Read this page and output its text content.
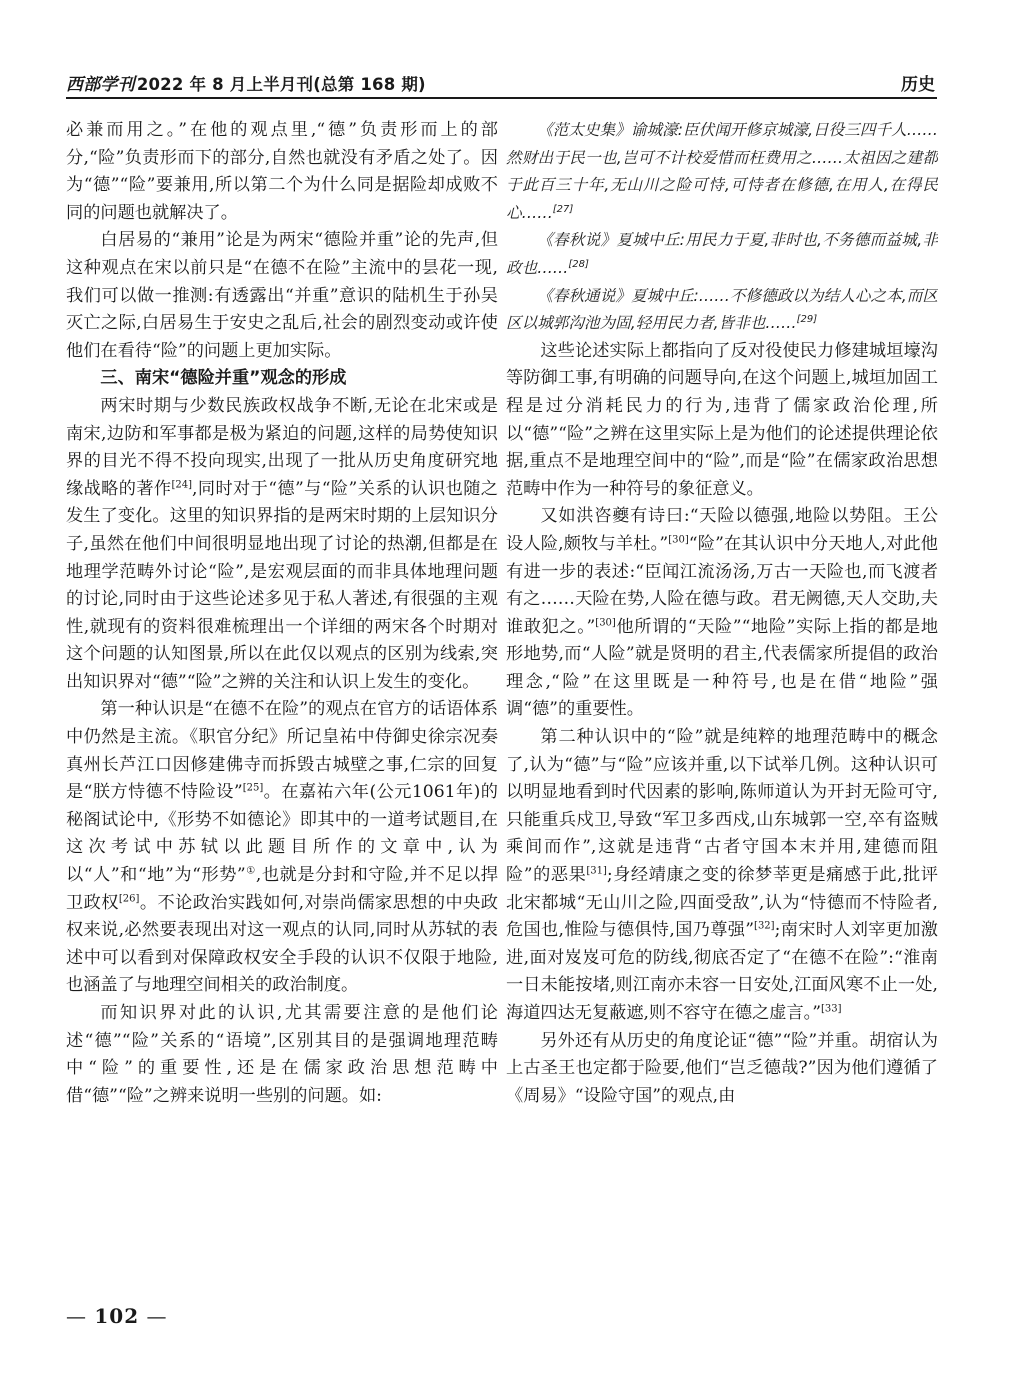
西部学刊 2022 年 8 月上半月刊(总第 168 期)	历史

必兼而用之。”在他的观点里,“德”负责形而上的部分,“险”负责形而下的部分,自然也就没有矛盾之处了。因为“德”“险”要兼用,所以第二个为什么同是据险却成败不同的问题也就解决了。

白居易的“兼用”论是为两宋“德险并重”论的先声,但这种观点在宋以前只是“在德不在险”主流中的昙花一现,我们可以做一推测:有透露出“并重”意识的陆机生于孙吴灭亡之际,白居易生于安史之乱后,社会的剧烈变动或许使他们在看待“险”的问题上更加实际。

三、南宋“德险并重”观念的形成

两宋时期与少数民族政权战争不断,无论在北宋或是南宋,边防和军事都是极为紧迫的问题,这样的局势使知识界的目光不得不投向现实,出现了一批从历史角度研究地缘战略的著作[24],同时对于“德”与“险”关系的认识也随之发生了变化。这里的知识界指的是两宋时期的上层知识分子,虽然在他们中间很明显地出现了讨论的热潮,但都是在地理学范畴外讨论“险”,是宏观层面的而非具体地理问题的讨论,同时由于这些论述多见于私人著述,有很强的主观性,就现有的资料很难梳理出一个详细的两宋各个时期对这个问题的认知图景,所以在此仅以观点的区别为线索,突出知识界对“德”“险”之辨的关注和认识上发生的变化。

第一种认识是“在德不在险”的观点在官方的话语体系中仍然是主流。《职官分纪》所记皇祐中侍御史徐宗况奏真州长芦江口因修建佛寺而拆毁古城壁之事,仁宗的回复是“朕方恃德不恃险设”[25]。在嘉祐六年(公元1061年)的秘阁试论中,《形势不如德论》即其中的一道考试题目,在这次考试中苏轼以此题目所作的文章中,认为以“人”和“地”为“形势”①,也就是分封和守险,并不足以捍卫政权[26]。不论政治实践如何,对崇尚儒家思想的中央政权来说,必然要表现出对这一观点的认同,同时从苏轼的表述中可以看到对保障政权安全手段的认识不仅限于地险,也涵盖了与地理空间相关的政治制度。

而知识界对此的认识,尤其需要注意的是他们论述“德”“险”关系的“语境”,区别其目的是强调地理范畴中“险”的重要性,还是在儒家政治思想范畴中借“德”“险”之辨来说明一些别的问题。如:

《范太史集》谕城濠:臣伏闻开修京城濠,日役三四千人……然财出于民一也,岂可不计校爱惜而枉费用之……太祖因之建都于此百三十年,无山川之险可恃,可恃者在修德,在用人,在得民心……[27]

《春秋说》夏城中丘:用民力于夏,非时也,不务德而益城,非政也……[28]

《春秋通说》夏城中丘:……不修德政以为结人心之本,而区区以城郭沟池为固,轻用民力者,皆非也……[29]

这些论述实际上都指向了反对役使民力修建城垣壕沟等防御工事,有明确的问题导向,在这个问题上,城垣加固工程是过分消耗民力的行为,违背了儒家政治伦理,所以“德”“险”之辨在这里实际上是为他们的论述提供理论依据,重点不是地理空间中的“险”,而是“险”在儒家政治思想范畴中作为一种符号的象征意义。

又如洪咨夔有诗曰:“天险以德强,地险以势阻。王公设人险,颇牧与羊杜。”[30]“险”在其认识中分天地人,对此他有进一步的表述:“臣闻江流汤汤,万古一天险也,而飞渡者有之……天险在势,人险在德与政。君无阙德,天人交助,夫谁敢犯之。”[30]他所谓的“天险”“地险”实际上指的都是地形地势,而“人险”就是贤明的君主,代表儒家所提倡的政治理念,“险”在这里既是一种符号,也是在借“地险”强调“德”的重要性。

第二种认识中的“险”就是纯粹的地理范畴中的概念了,认为“德”与“险”应该并重,以下试举几例。这种认识可以明显地看到时代因素的影响,陈师道认为开封无险可守,只能重兵戍卫,导致“军卫多西戍,山东城郭一空,卒有盗贼乘间而作”,这就是违背“古者守国本末并用,建德而阻险”的恶果[31];身经靖康之变的徐梦莘更是痛感于此,批评北宋都城“无山川之险,四面受敌”,认为“恃德而不恃险者,危国也,惟险与德俱恃,国乃尊强”[32];南宋时人刘宰更加激进,面对岌岌可危的防线,彻底否定了“在德不在险”:“淮南一日未能按堵,则江南亦未容一日安处,江面风寒不止一处,海道四达无复蔽遮,则不容守在德之虚言。”[33]

另外还有从历史的角度论证“德”“险”并重。胡宿认为上古圣王也定都于险要,他们“岂乏德哉?”因为他们遵循了《周易》“设险守国”的观点,由

— 102 —
